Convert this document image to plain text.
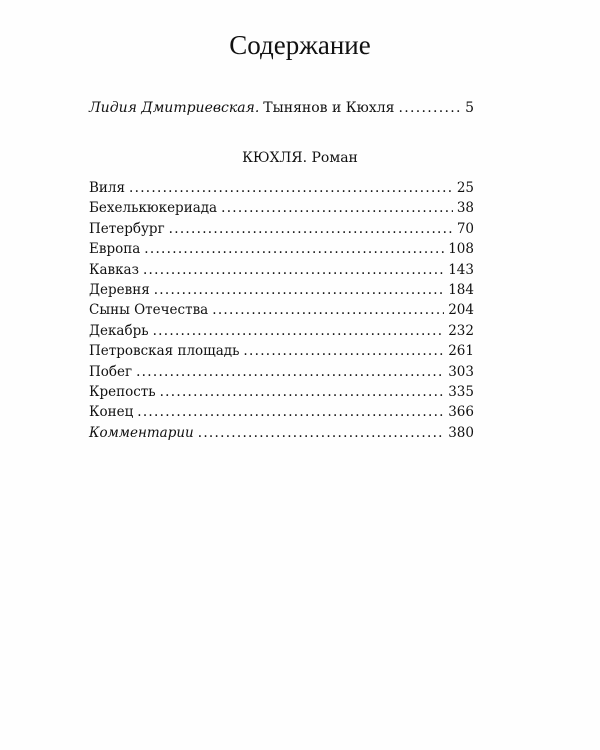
Содержание
Лидия Дмитриевская. Тынянов и Кюхля .....	5
КЮХЛЯ. Роман
Виля .....	25
Бехелькюкериада .....	38
Петербург .....	70
Европа .....	108
Кавказ .....	143
Деревня .....	184
Сыны Отечества .....	204
Декабрь .....	232
Петровская площадь .....	261
Побег .....	303
Крепость .....	335
Конец .....	366
Комментарии .....	380
